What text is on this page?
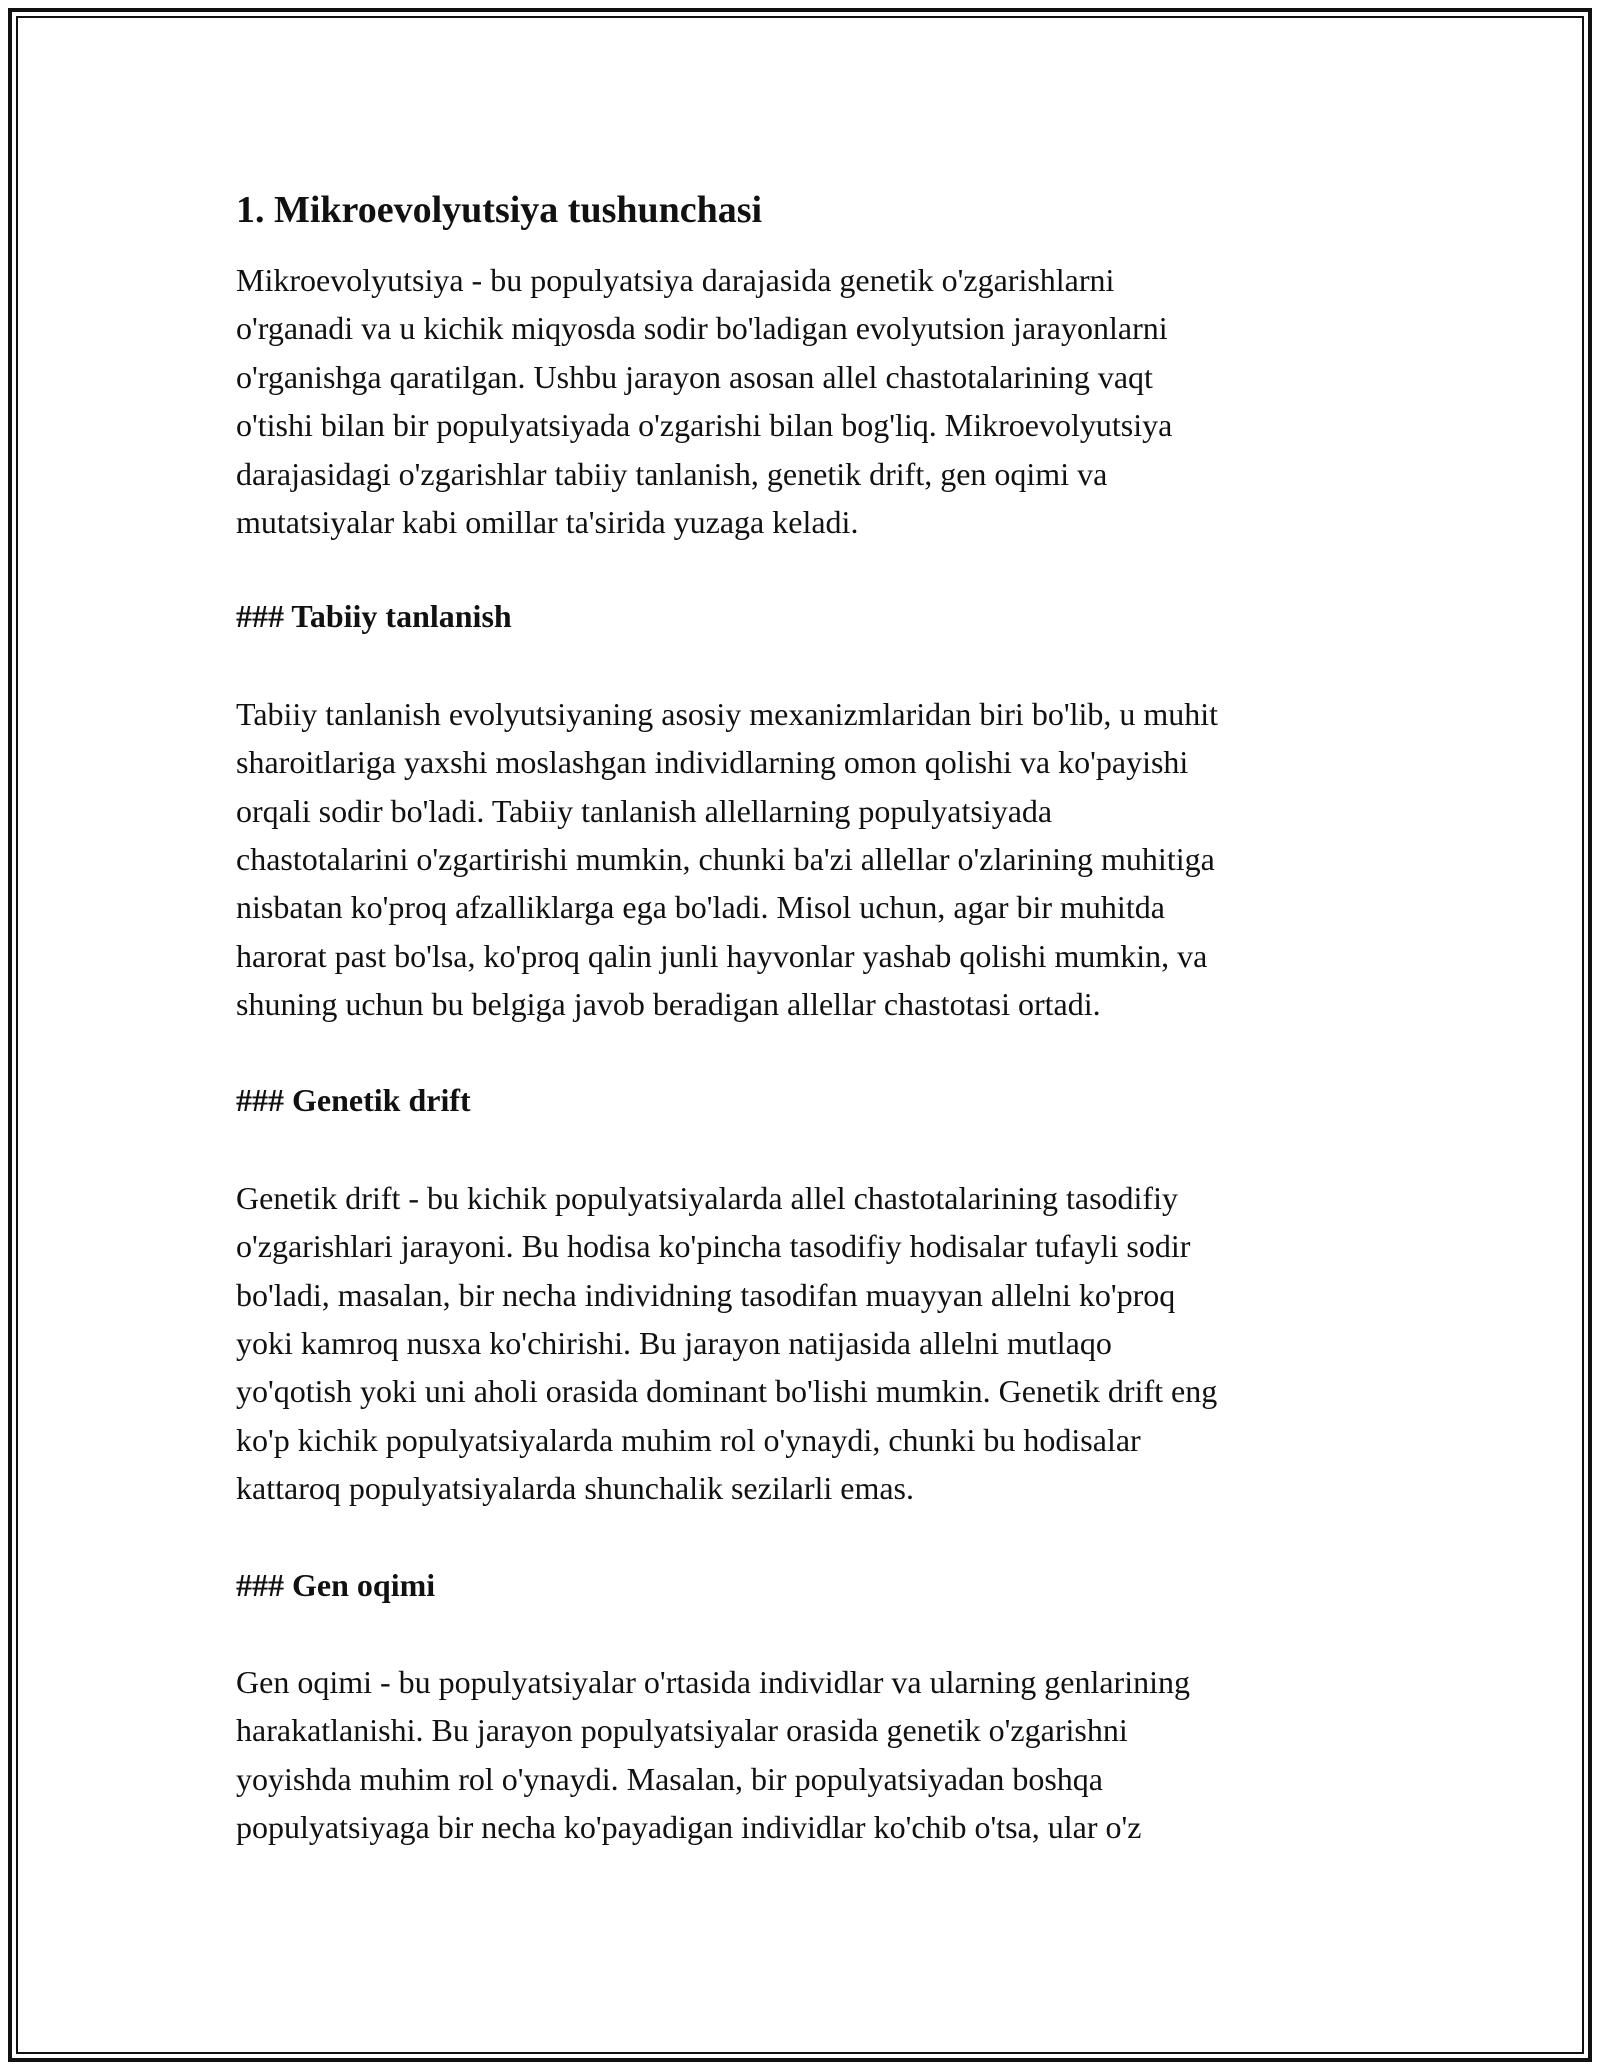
1. Mikroevolyutsiya tushunchasi

Mikroevolyutsiya - bu populyatsiya darajasida genetik o'zgarishlarni
o'rganadi va u kichik miqyosda sodir bo'ladigan evolyutsion jarayonlarni
o'rganishga qaratilgan. Ushbu jarayon asosan allel chastotalarining vaqt
o'tishi bilan bir populyatsiyada o'zgarishi bilan bog'liq. Mikroevolyutsiya
darajasidagi o'zgarishlar tabiiy tanlanish, genetik drift, gen oqimi va
mutatsiyalar kabi omillar ta'sirida yuzaga keladi.

### Tabiiy tanlanish

Tabiiy tanlanish evolyutsiyaning asosiy mexanizmlaridan biri bo'lib, u muhit
sharoitlariga yaxshi moslashgan individlarning omon qolishi va ko'payishi
orqali sodir bo'ladi. Tabiiy tanlanish allellarning populyatsiyada
chastotalarini o'zgartirishi mumkin, chunki ba'zi allellar o'zlarining muhitiga
nisbatan ko'proq afzalliklarga ega bo'ladi. Misol uchun, agar bir muhitda
harorat past bo'lsa, ko'proq qalin junli hayvonlar yashab qolishi mumkin, va
shuning uchun bu belgiga javob beradigan allellar chastotasi ortadi.

### Genetik drift

Genetik drift - bu kichik populyatsiyalarda allel chastotalarining tasodifiy
o'zgarishlari jarayoni. Bu hodisa ko'pincha tasodifiy hodisalar tufayli sodir
bo'ladi, masalan, bir necha individning tasodifan muayyan allelni ko'proq
yoki kamroq nusxa ko'chirishi. Bu jarayon natijasida allelni mutlaqo
yo'qotish yoki uni aholi orasida dominant bo'lishi mumkin. Genetik drift eng
ko'p kichik populyatsiyalarda muhim rol o'ynaydi, chunki bu hodisalar
kattaroq populyatsiyalarda shunchalik sezilarli emas.

### Gen oqimi

Gen oqimi - bu populyatsiyalar o'rtasida individlar va ularning genlarining
harakatlanishi. Bu jarayon populyatsiyalar orasida genetik o'zgarishni
yoyishda muhim rol o'ynaydi. Masalan, bir populyatsiyadan boshqa
populyatsiyaga bir necha ko'payadigan individlar ko'chib o'tsa, ular o'z
